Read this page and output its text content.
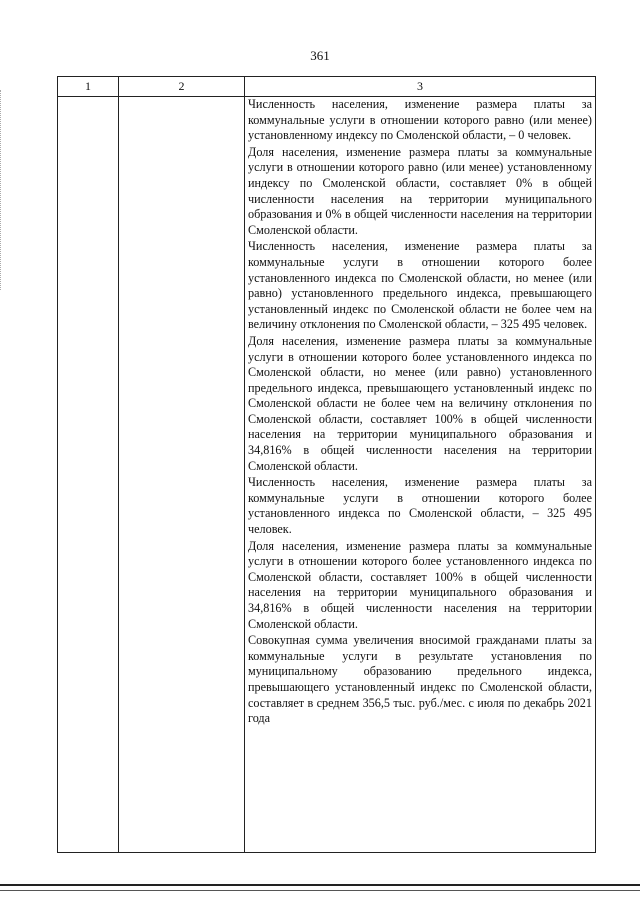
361
1	2	3

Численность населения, изменение размера платы за коммунальные услуги в отношении которого равно (или менее) установленному индексу по Смоленской области, – 0 человек.

Доля населения, изменение размера платы за коммунальные услуги в отношении которого равно (или менее) установленному индексу по Смоленской области, составляет 0% в общей численности населения на территории муниципального образования и 0% в общей численности населения на территории Смоленской области.

Численность населения, изменение размера платы за коммунальные услуги в отношении которого более установленного индекса по Смоленской области, но менее (или равно) установленного предельного индекса, превышающего установленный индекс по Смоленской области не более чем на величину отклонения по Смоленской области, – 325 495 человек.

Доля населения, изменение размера платы за коммунальные услуги в отношении которого более установленного индекса по Смоленской области, но менее (или равно) установленного предельного индекса, превышающего установленный индекс по Смоленской области не более чем на величину отклонения по Смоленской области, составляет 100% в общей численности населения на территории муниципального образования и 34,816% в общей численности населения на территории Смоленской области.

Численность населения, изменение размера платы за коммунальные услуги в отношении которого более установленного индекса по Смоленской области, – 325 495 человек.

Доля населения, изменение размера платы за коммунальные услуги в отношении которого более установленного индекса по Смоленской области, составляет 100% в общей численности населения на территории муниципального образования и 34,816% в общей численности населения на территории Смоленской области.

Совокупная сумма увеличения вносимой гражданами платы за коммунальные услуги в результате установления по муниципальному образованию предельного индекса, превышающего установленный индекс по Смоленской области, составляет в среднем 356,5 тыс. руб./мес. с июля по декабрь 2021 года
